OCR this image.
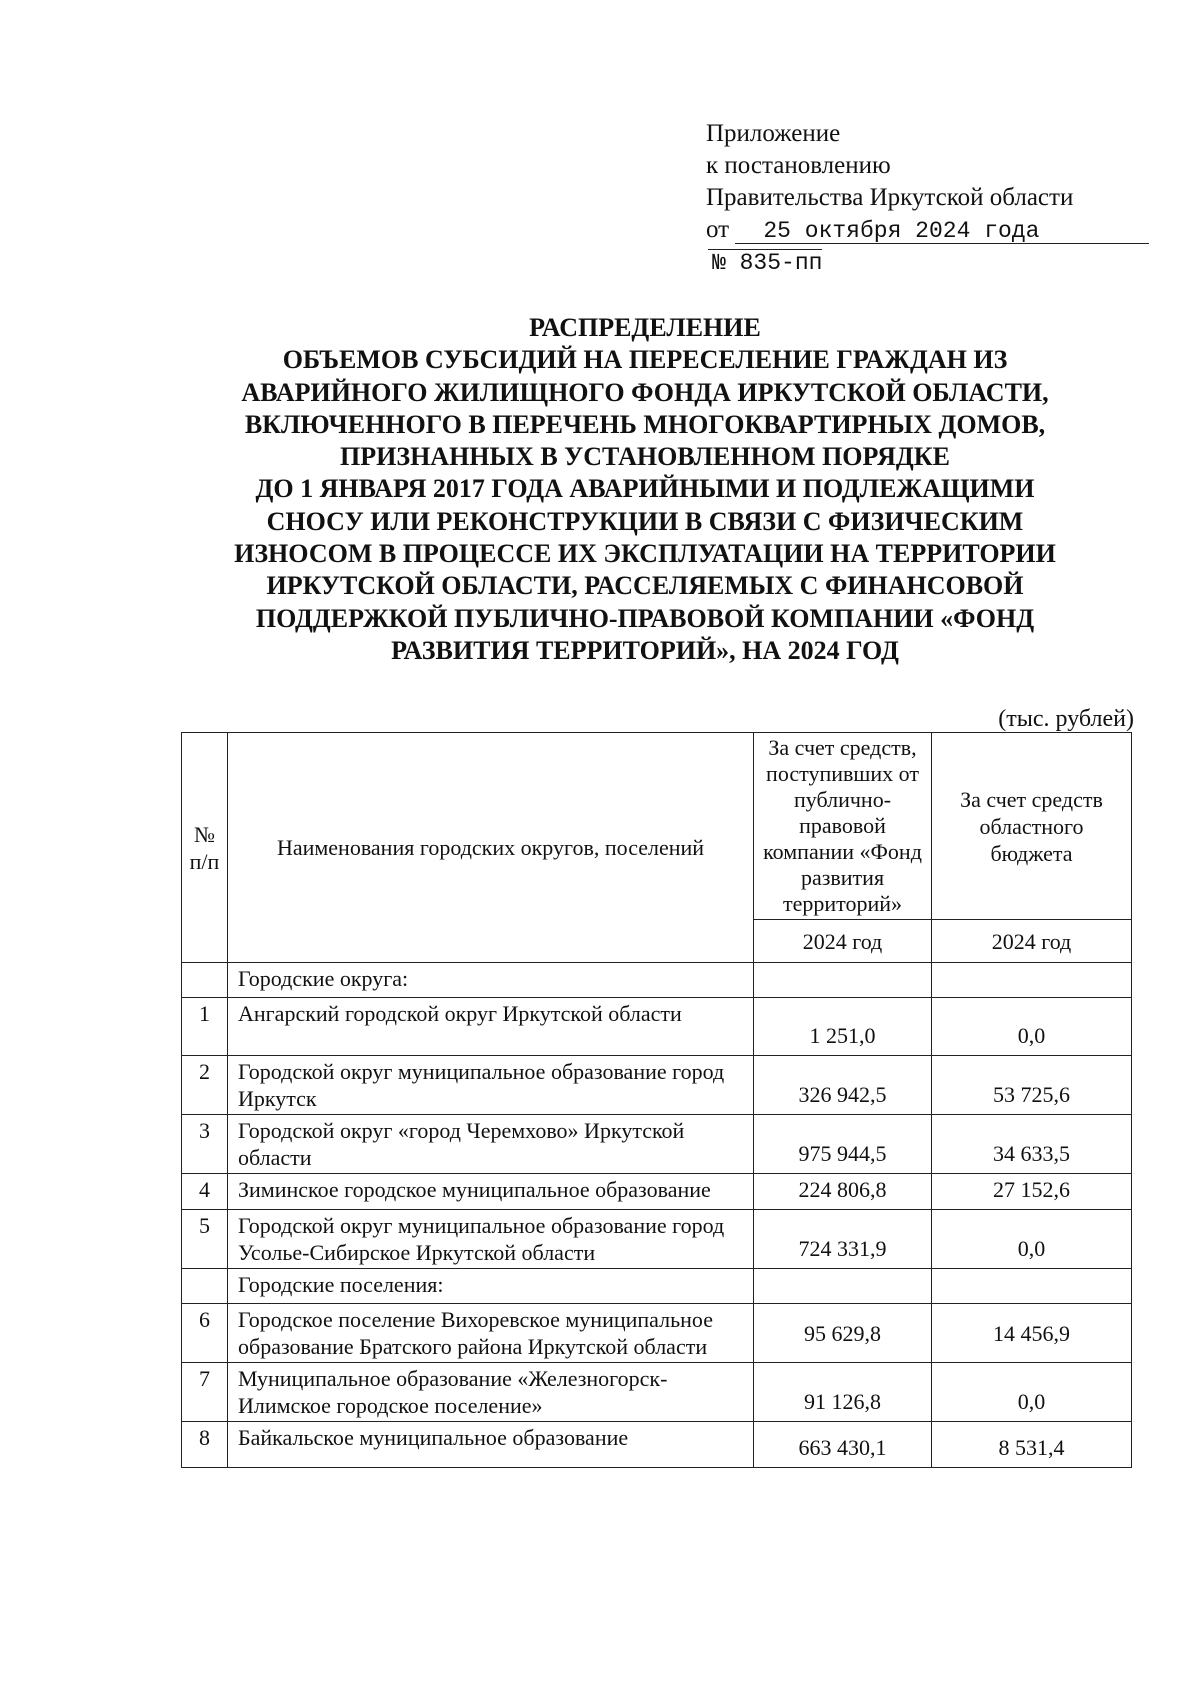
Приложение
к постановлению
Правительства Иркутской области
от 25 октября 2024 года
№ 835-пп
РАСПРЕДЕЛЕНИЕ
ОБЪЕМОВ СУБСИДИЙ НА ПЕРЕСЕЛЕНИЕ ГРАЖДАН ИЗ
АВАРИЙНОГО ЖИЛИЩНОГО ФОНДА ИРКУТСКОЙ ОБЛАСТИ,
ВКЛЮЧЕННОГО В ПЕРЕЧЕНЬ МНОГОКВАРТИРНЫХ ДОМОВ,
ПРИЗНАННЫХ В УСТАНОВЛЕННОМ ПОРЯДКЕ
ДО 1 ЯНВАРЯ 2017 ГОДА АВАРИЙНЫМИ И ПОДЛЕЖАЩИМИ
СНОСУ ИЛИ РЕКОНСТРУКЦИИ В СВЯЗИ С ФИЗИЧЕСКИМ
ИЗНОСОМ В ПРОЦЕССЕ ИХ ЭКСПЛУАТАЦИИ НА ТЕРРИТОРИИ
ИРКУТСКОЙ ОБЛАСТИ, РАССЕЛЯЕМЫХ С ФИНАНСОВОЙ
ПОДДЕРЖКОЙ ПУБЛИЧНО-ПРАВОВОЙ КОМПАНИИ «ФОНД
РАЗВИТИЯ ТЕРРИТОРИЙ», НА 2024 ГОД
(тыс. рублей)
№ п/п	Наименования городских округов, поселений	За счет средств, поступивших от публично-правовой компании «Фонд развития территорий»	За счет средств областного бюджета
		2024 год	2024 год
	Городские округа:		
1	Ангарский городской округ Иркутской области	1 251,0	0,0
2	Городской округ муниципальное образование город Иркутск	326 942,5	53 725,6
3	Городской округ «город Черемхово» Иркутской области	975 944,5	34 633,5
4	Зиминское городское муниципальное образование	224 806,8	27 152,6
5	Городской округ муниципальное образование город Усолье-Сибирское Иркутской области	724 331,9	0,0
	Городские поселения:		
6	Городское поселение Вихоревское муниципальное образование Братского района Иркутской области	95 629,8	14 456,9
7	Муниципальное образование «Железногорск-Илимское городское поселение»	91 126,8	0,0
8	Байкальское муниципальное образование	663 430,1	8 531,4
